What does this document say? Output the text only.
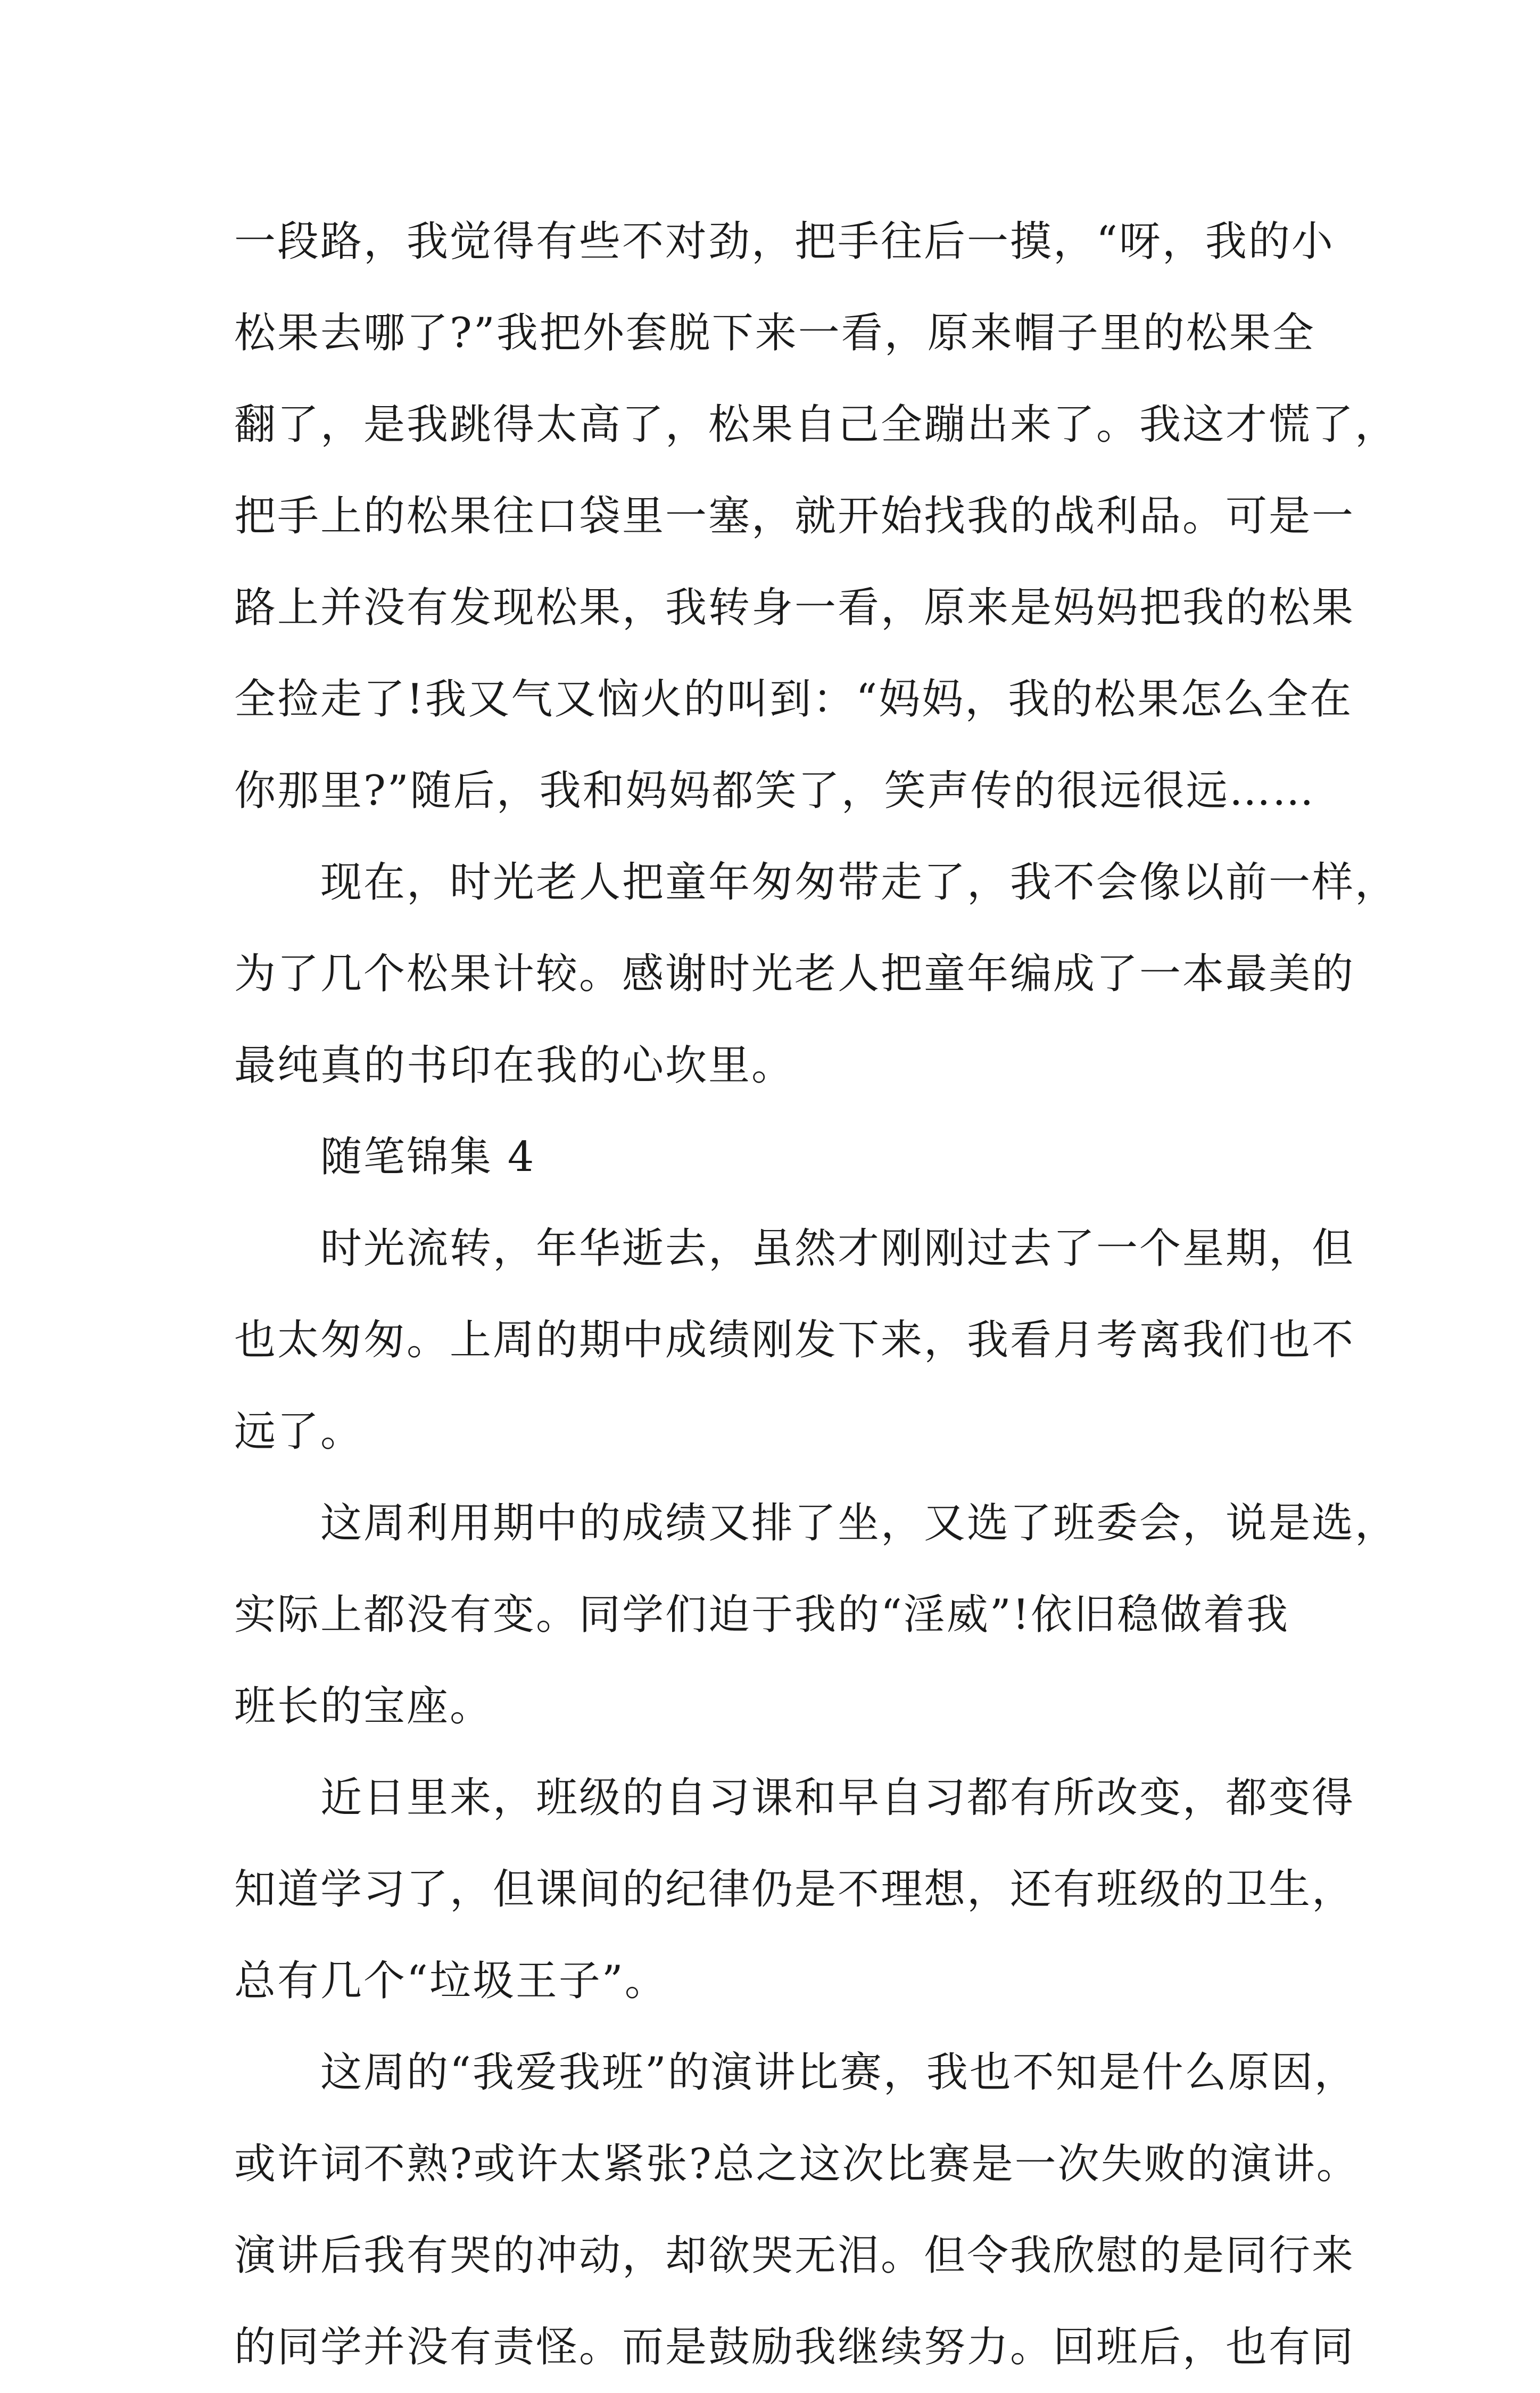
一段路，我觉得有些不对劲，把手往后一摸，“呀，我的小
松果去哪了?”我把外套脱下来一看，原来帽子里的松果全
翻了，是我跳得太高了，松果自己全蹦出来了。我这才慌了，
把手上的松果往口袋里一塞，就开始找我的战利品。可是一
路上并没有发现松果，我转身一看，原来是妈妈把我的松果
全捡走了!我又气又恼火的叫到：“妈妈，我的松果怎么全在
你那里?”随后，我和妈妈都笑了，笑声传的很远很远……
现在，时光老人把童年匆匆带走了，我不会像以前一样，
为了几个松果计较。感谢时光老人把童年编成了一本最美的
最纯真的书印在我的心坎里。
随笔锦集 4
时光流转，年华逝去，虽然才刚刚过去了一个星期，但
也太匆匆。上周的期中成绩刚发下来，我看月考离我们也不
远了。
这周利用期中的成绩又排了坐，又选了班委会，说是选，
实际上都没有变。同学们迫于我的“淫威”!依旧稳做着我
班长的宝座。
近日里来，班级的自习课和早自习都有所改变，都变得
知道学习了，但课间的纪律仍是不理想，还有班级的卫生，
总有几个“垃圾王子”。
这周的“我爱我班”的演讲比赛，我也不知是什么原因，
或许词不熟?或许太紧张?总之这次比赛是一次失败的演讲。
演讲后我有哭的冲动，却欲哭无泪。但令我欣慰的是同行来
的同学并没有责怪。而是鼓励我继续努力。回班后，也有同
